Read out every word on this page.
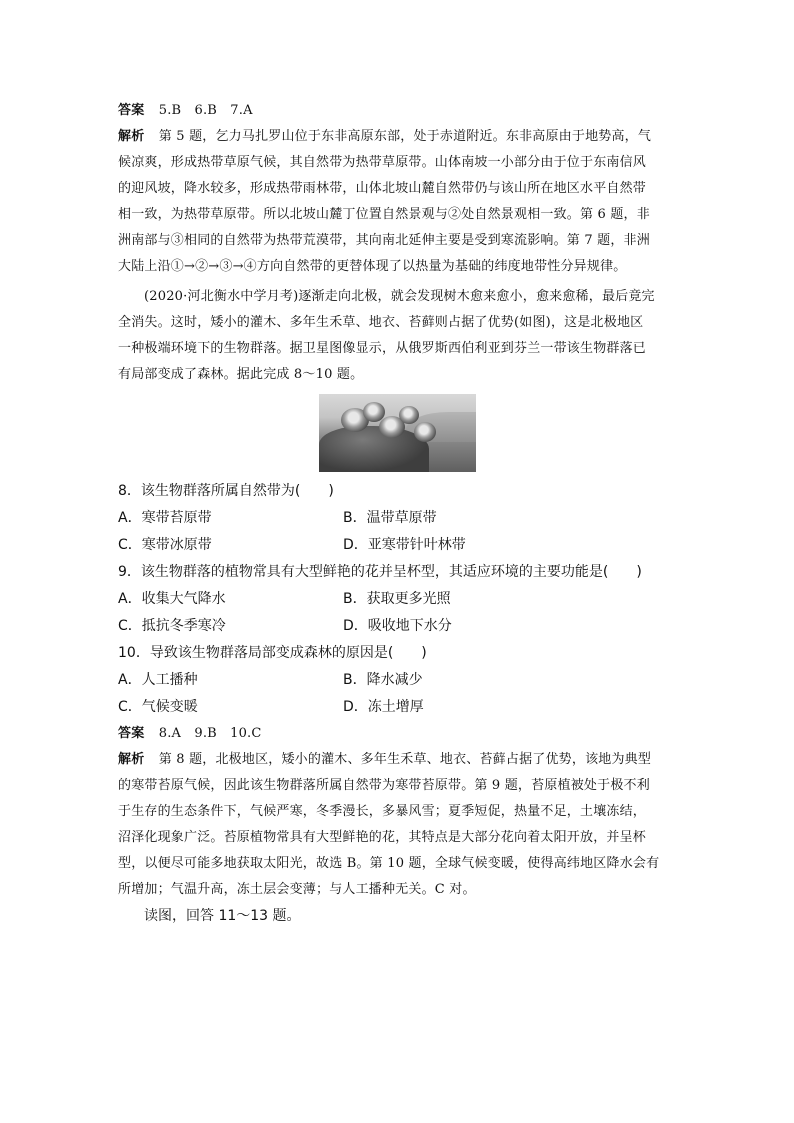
答案 5.B　6.B　7.A
解析 第 5 题，乞力马扎罗山位于东非高原东部，处于赤道附近。东非高原由于地势高，气
候凉爽，形成热带草原气候，其自然带为热带草原带。山体南坡一小部分由于位于东南信风
的迎风坡，降水较多，形成热带雨林带，山体北坡山麓自然带仍与该山所在地区水平自然带
相一致，为热带草原带。所以北坡山麓丁位置自然景观与②处自然景观相一致。第 6 题，非
洲南部与③相同的自然带为热带荒漠带，其向南北延伸主要是受到寒流影响。第 7 题，非洲
大陆上沿①→②→③→④方向自然带的更替体现了以热量为基础的纬度地带性分异规律。
(2020·河北衡水中学月考)逐渐走向北极，就会发现树木愈来愈小，愈来愈稀，最后竟完
全消失。这时，矮小的灌木、多年生禾草、地衣、苔藓则占据了优势(如图)，这是北极地区
一种极端环境下的生物群落。据卫星图像显示，从俄罗斯西伯利亚到芬兰一带该生物群落已
有局部变成了森林。据此完成 8～10 题。
8．该生物群落所属自然带为(　　)
A．寒带苔原带	B．温带草原带
C．寒带冰原带	D．亚寒带针叶林带
9．该生物群落的植物常具有大型鲜艳的花并呈杯型，其适应环境的主要功能是(　　)
A．收集大气降水	B．获取更多光照
C．抵抗冬季寒冷	D．吸收地下水分
10．导致该生物群落局部变成森林的原因是(　　)
A．人工播种	B．降水减少
C．气候变暖	D．冻土增厚
答案 8.A　9.B　10.C
解析 第 8 题，北极地区，矮小的灌木、多年生禾草、地衣、苔藓占据了优势，该地为典型
的寒带苔原气候，因此该生物群落所属自然带为寒带苔原带。第 9 题，苔原植被处于极不利
于生存的生态条件下，气候严寒，冬季漫长，多暴风雪；夏季短促，热量不足，土壤冻结，
沼泽化现象广泛。苔原植物常具有大型鲜艳的花，其特点是大部分花向着太阳开放，并呈杯
型，以便尽可能多地获取太阳光，故选 B。第 10 题，全球气候变暖，使得高纬地区降水会有
所增加；气温升高，冻土层会变薄；与人工播种无关。C 对。
读图，回答 11～13 题。
